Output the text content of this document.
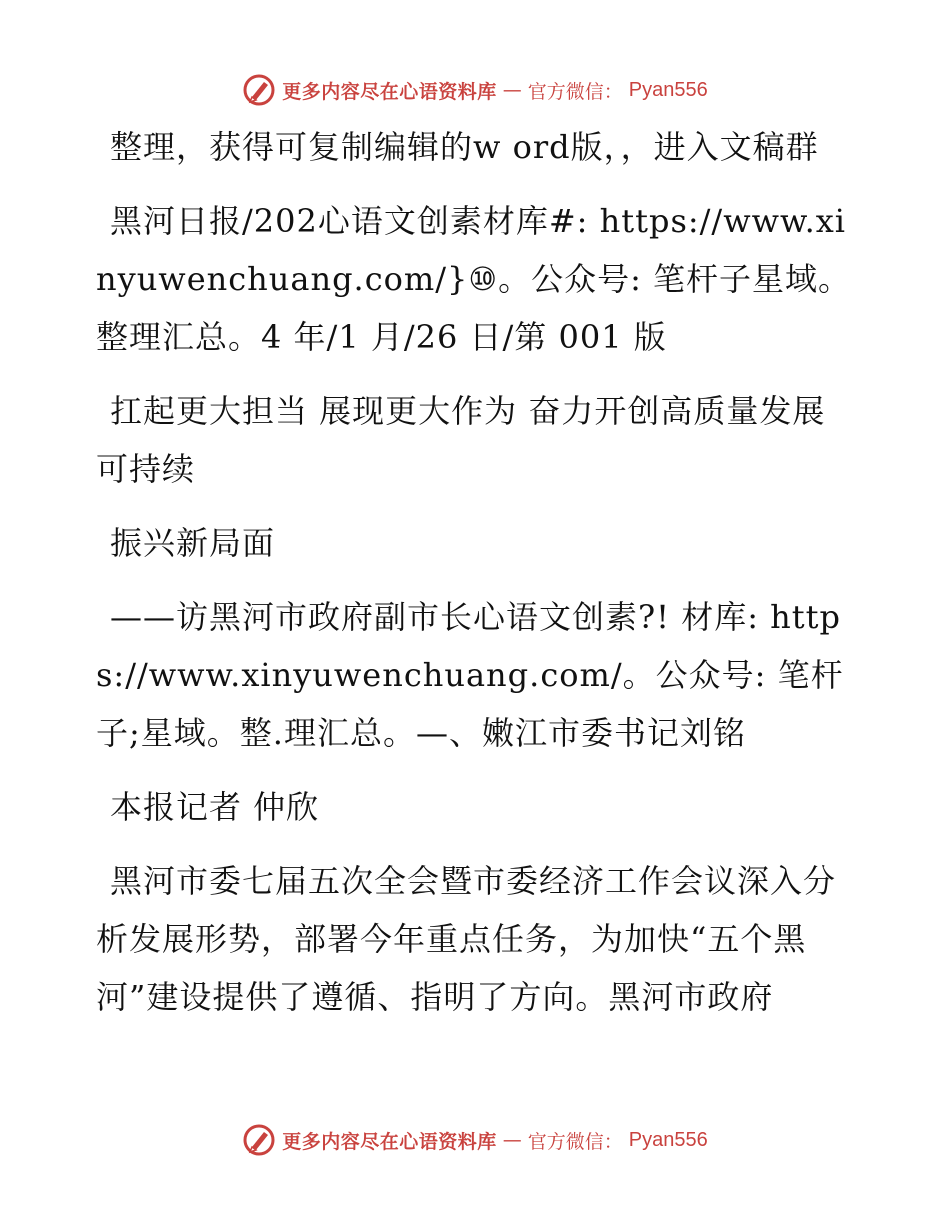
更多内容尽在心语资料库 — 官方微信： Pyan556

整理，获得可复制编辑的w ord版，，进入文稿群

黑河日报/202心语文创素材库#: https://www.xinyuwenchuang.com/}⑩。公众号: 笔杆子星域。整理汇总。4 年/1 月/26 日/第 001 版

扛起更大担当 展现更大作为 奋力开创高质量发展可持续

振兴新局面

——访黑河市政府副市长心语文创素?! 材库: https://www.xinyuwenchuang.com/。公众号: 笔杆子;星域。整.理汇总。—、嫩江市委书记刘铭

本报记者 仲欣

黑河市委七届五次全会暨市委经济工作会议深入分析发展形势，部署今年重点任务，为加快“五个黑河”建设提供了遵循、指明了方向。黑河市政府

更多内容尽在心语资料库 — 官方微信： Pyan556
